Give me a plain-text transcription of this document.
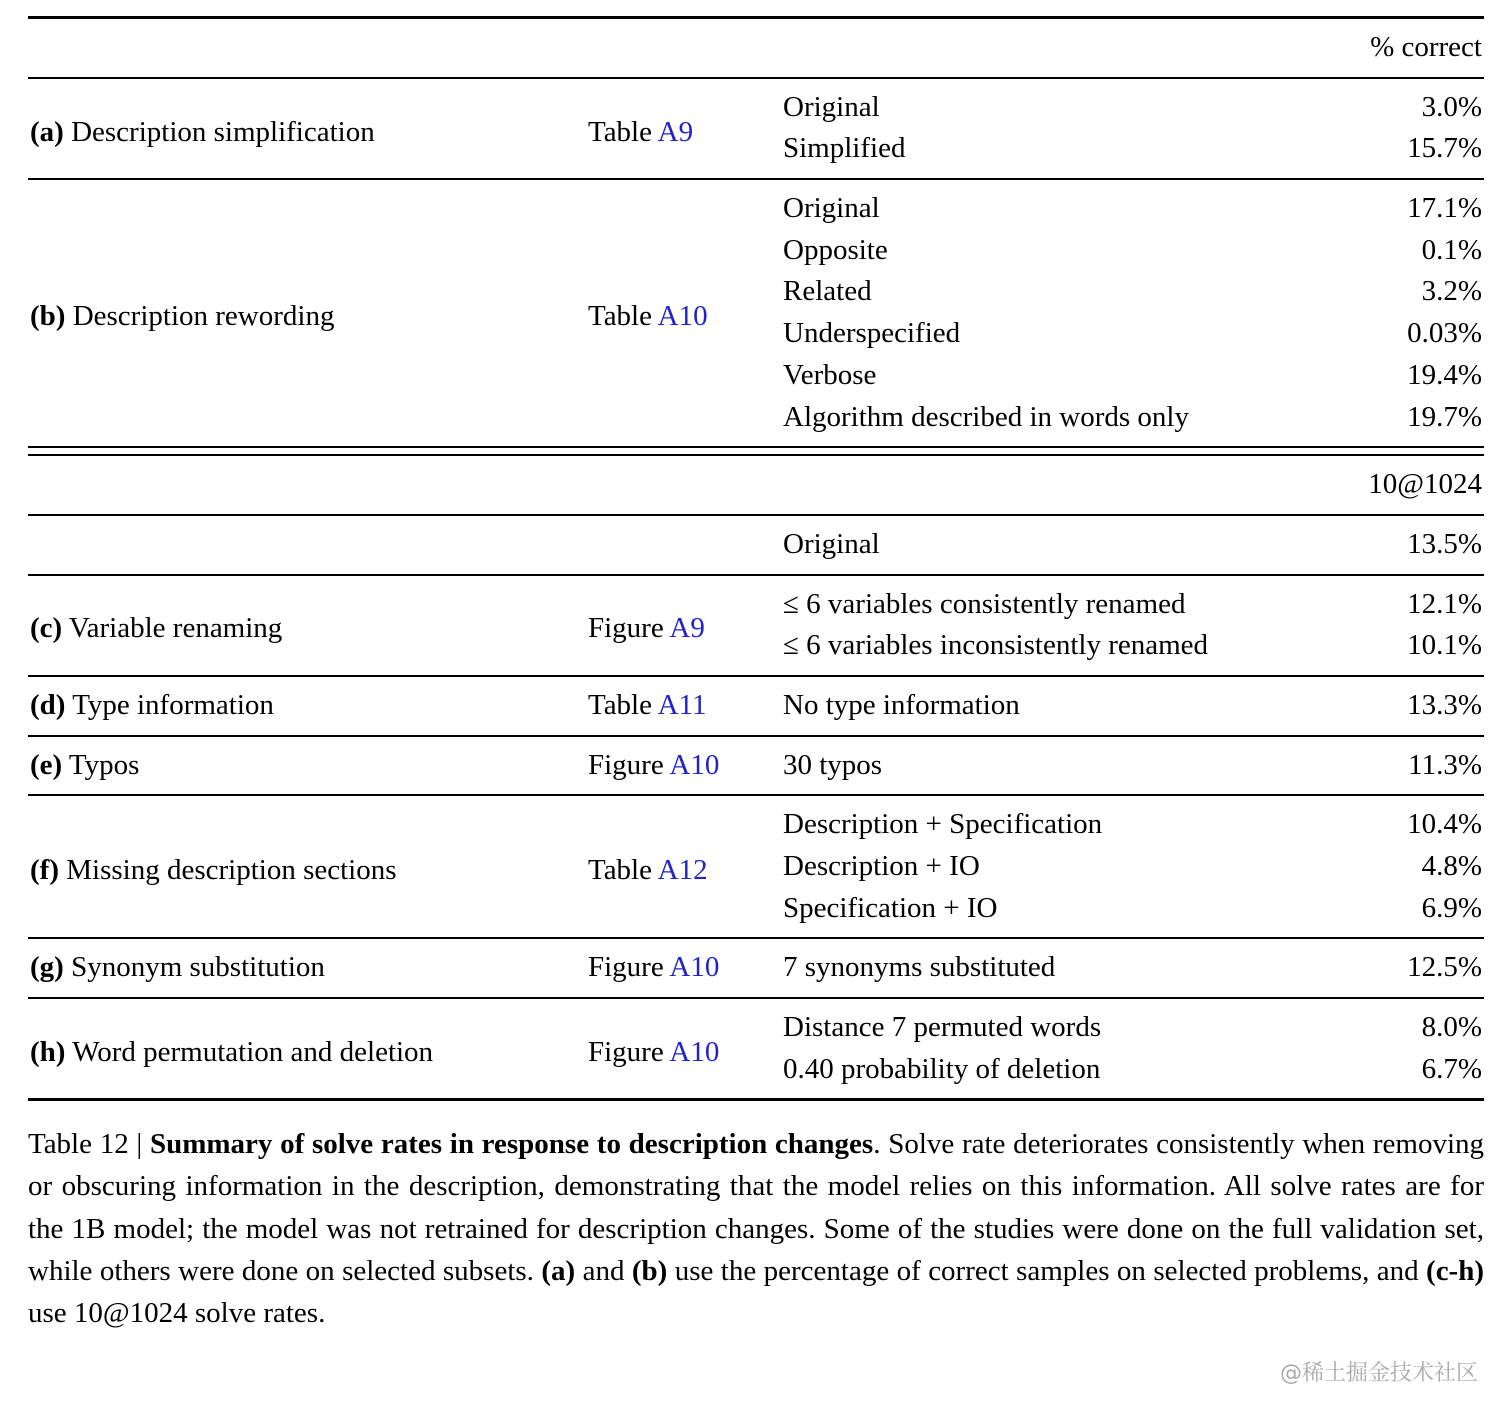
			% correct
(a) Description simplification	Table A9	Original	3.0%
		Simplified	15.7%
(b) Description rewording	Table A10	Original	17.1%
		Opposite	0.1%
		Related	3.2%
		Underspecified	0.03%
		Verbose	19.4%
		Algorithm described in words only	19.7%

			10@1024
		Original	13.5%
(c) Variable renaming	Figure A9	≤ 6 variables consistently renamed	12.1%
		≤ 6 variables inconsistently renamed	10.1%
(d) Type information	Table A11	No type information	13.3%
(e) Typos	Figure A10	30 typos	11.3%
(f) Missing description sections	Table A12	Description + Specification	10.4%
		Description + IO	4.8%
		Specification + IO	6.9%
(g) Synonym substitution	Figure A10	7 synonyms substituted	12.5%
(h) Word permutation and deletion	Figure A10	Distance 7 permuted words	8.0%
		0.40 probability of deletion	6.7%

Table 12 | Summary of solve rates in response to description changes. Solve rate deteriorates consistently when removing or obscuring information in the description, demonstrating that the model relies on this information. All solve rates are for the 1B model; the model was not retrained for description changes. Some of the studies were done on the full validation set, while others were done on selected subsets. (a) and (b) use the percentage of correct samples on selected problems, and (c-h) use 10@1024 solve rates.

@稀土掘金技术社区
